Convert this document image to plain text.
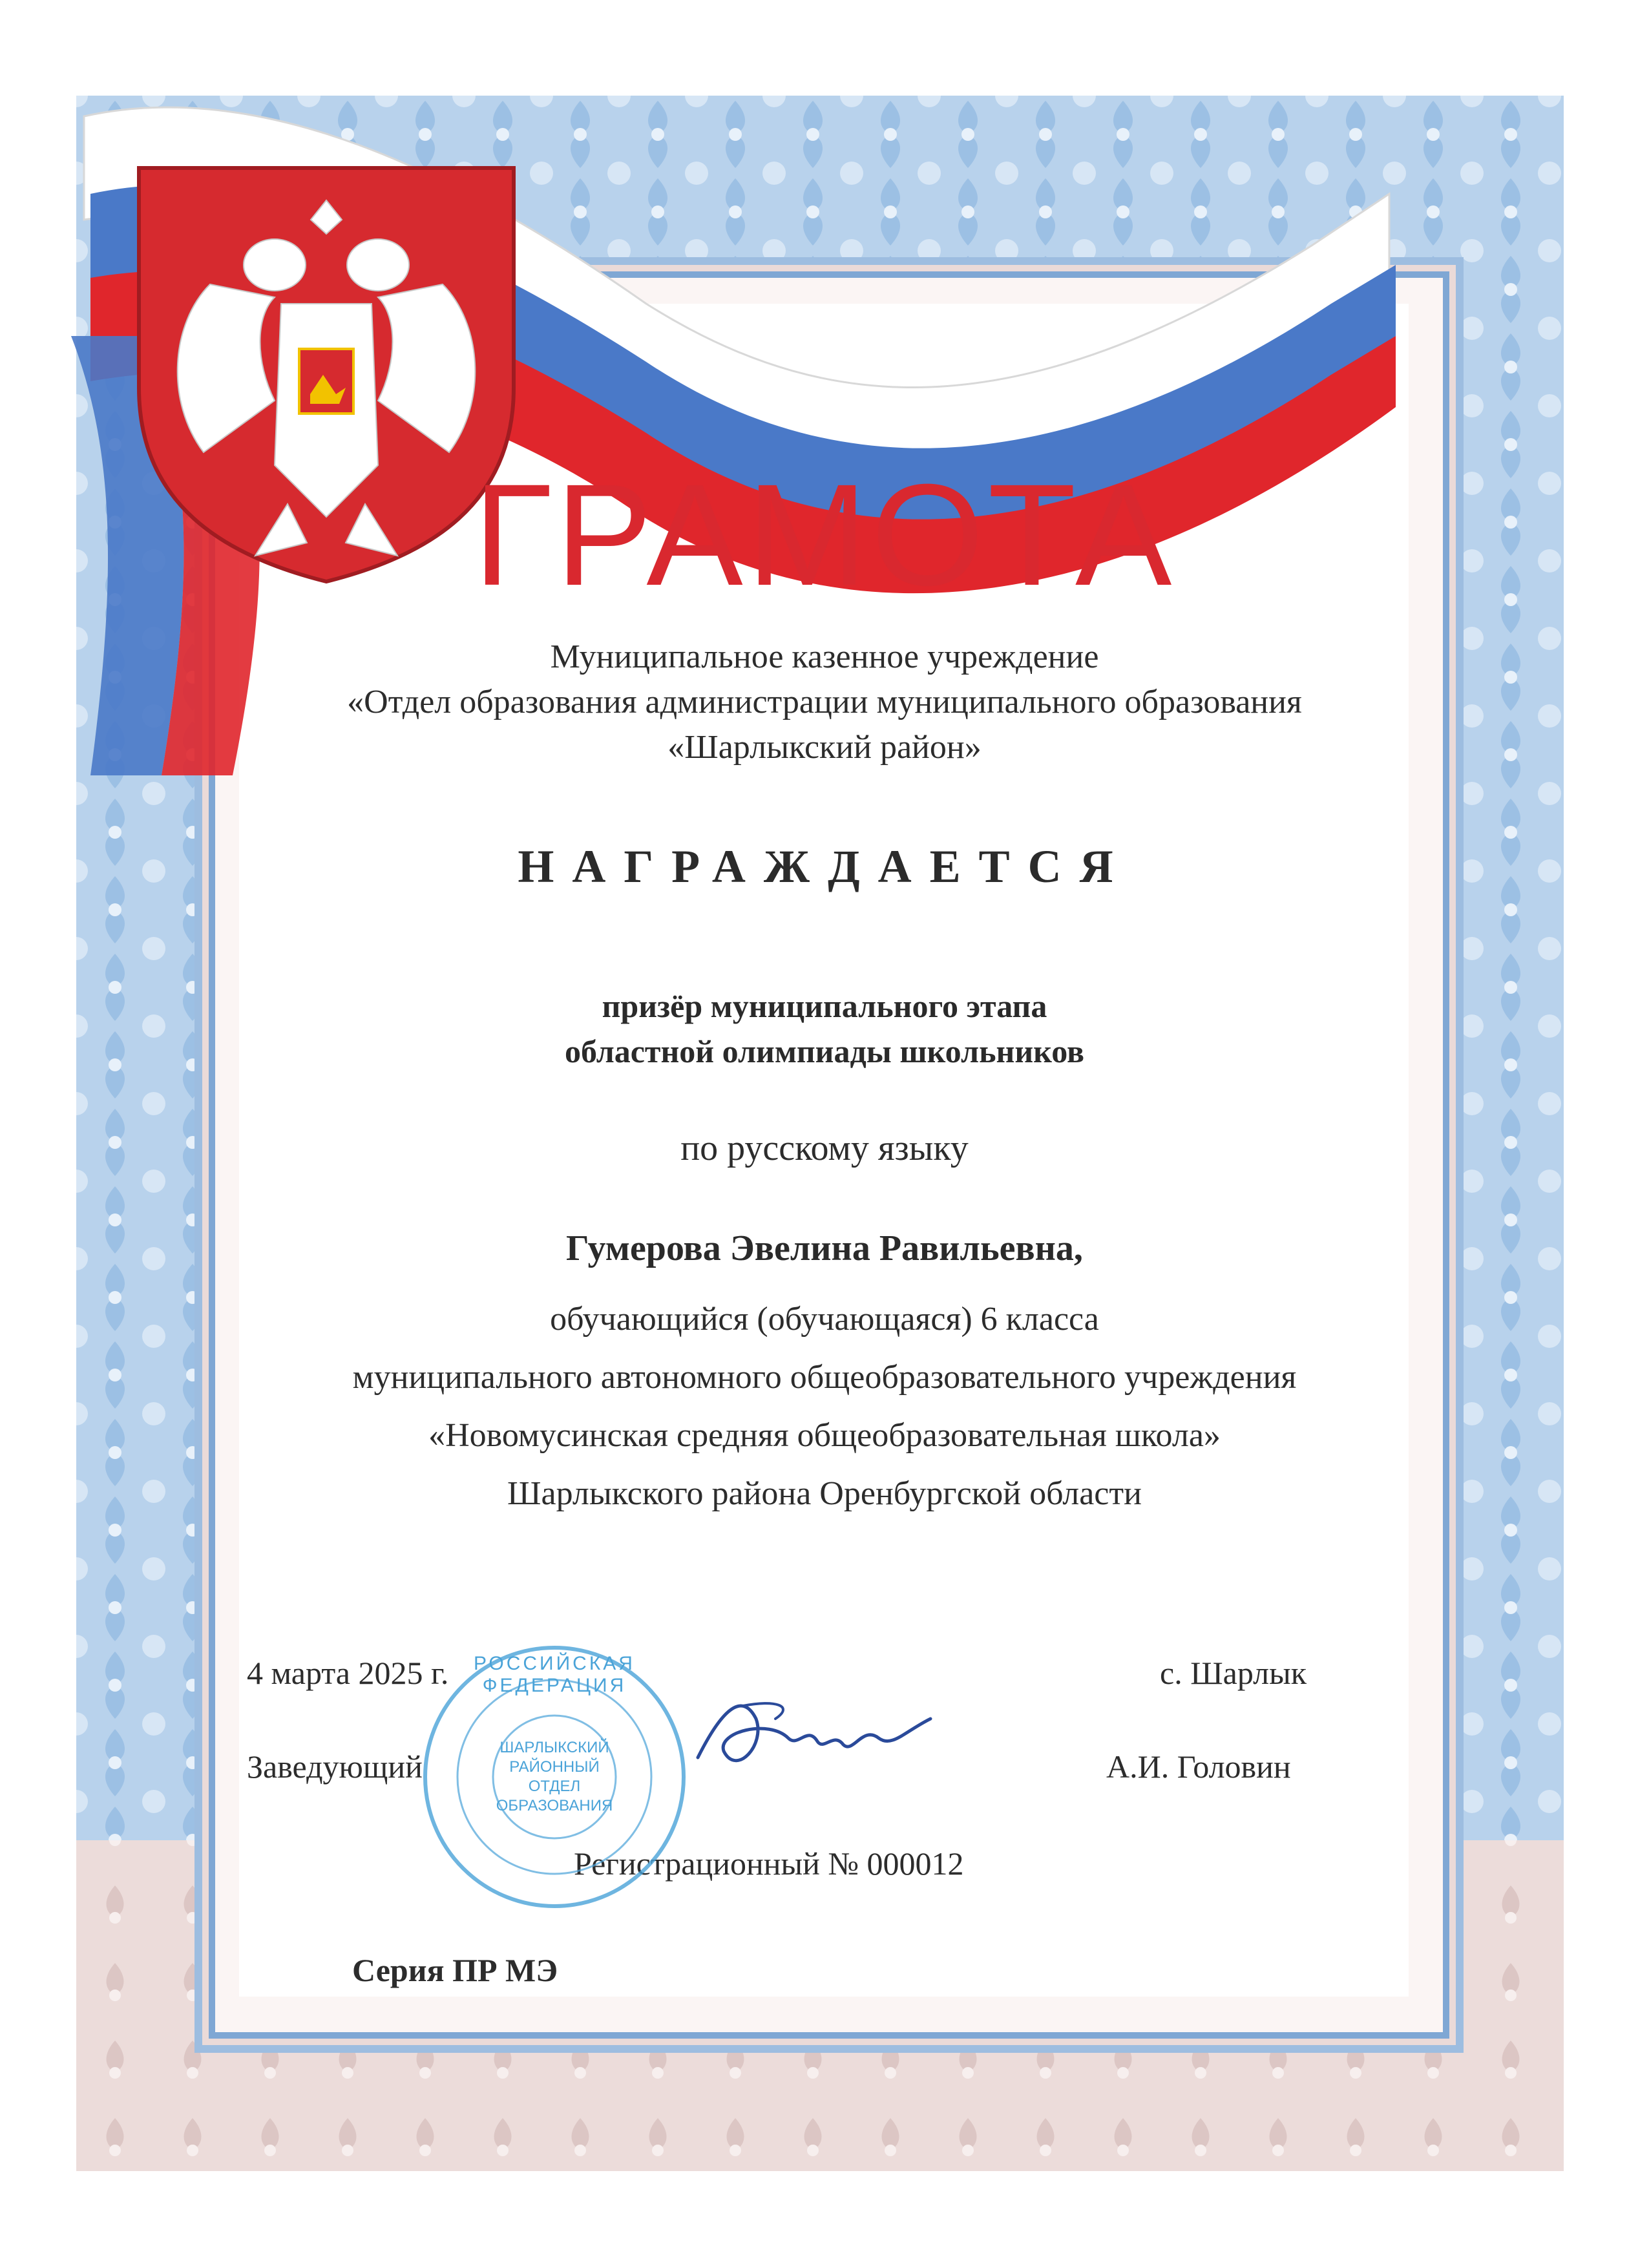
ГРАМОТА
Муниципальное казенное учреждение
«Отдел образования администрации муниципального образования
«Шарлыкский район»
НАГРАЖДАЕТСЯ
призёр муниципального этапа
областной олимпиады школьников
по русскому языку
Гумерова Эвелина Равильевна,
обучающийся (обучающаяся) 6 класса
муниципального автономного общеобразовательного учреждения
«Новомусинская средняя общеобразовательная школа»
Шарлыкского района Оренбургской области
4 марта 2025 г.	с. Шарлык
Заведующий	А.И. Головин
Регистрационный № 000012
Серия ПР МЭ
РОССИЙСКАЯ ФЕДЕРАЦИЯ
ШАРЛЫКСКИЙ
РАЙОННЫЙ
ОТДЕЛ
ОБРАЗОВАНИЯ
